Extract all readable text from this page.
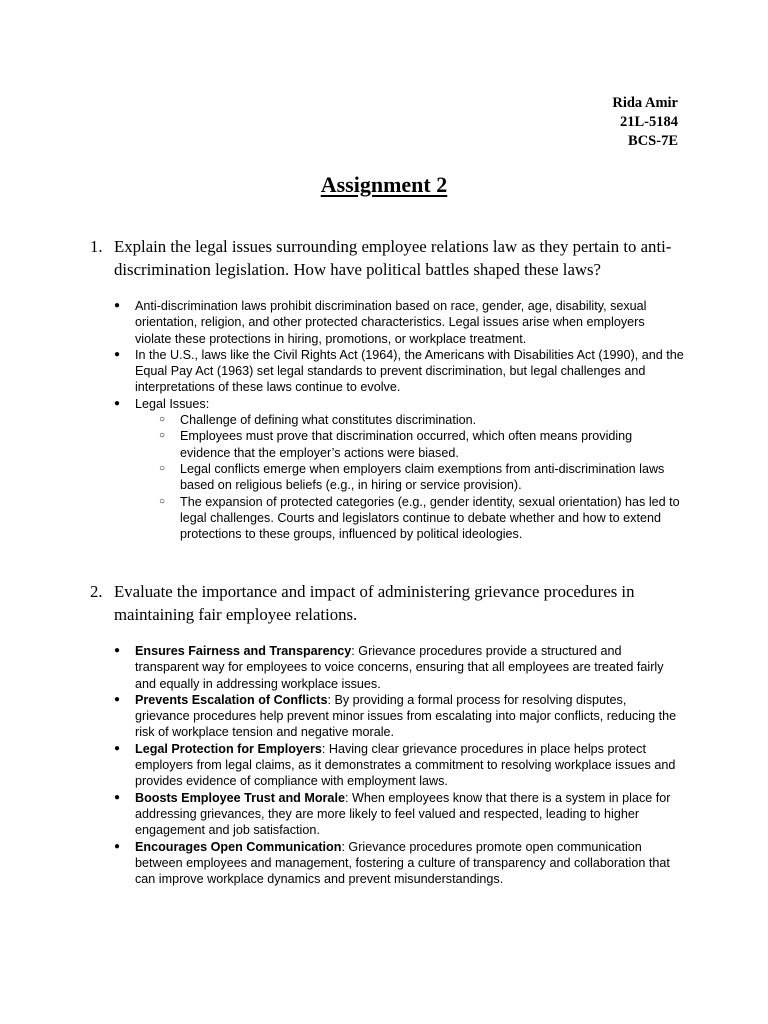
Rida Amir
21L-5184
BCS-7E
Assignment 2
1. Explain the legal issues surrounding employee relations law as they pertain to anti-discrimination legislation. How have political battles shaped these laws?
● Anti-discrimination laws prohibit discrimination based on race, gender, age, disability, sexual orientation, religion, and other protected characteristics. Legal issues arise when employers violate these protections in hiring, promotions, or workplace treatment.
● In the U.S., laws like the Civil Rights Act (1964), the Americans with Disabilities Act (1990), and the Equal Pay Act (1963) set legal standards to prevent discrimination, but legal challenges and interpretations of these laws continue to evolve.
● Legal Issues:
○ Challenge of defining what constitutes discrimination.
○ Employees must prove that discrimination occurred, which often means providing evidence that the employer’s actions were biased.
○ Legal conflicts emerge when employers claim exemptions from anti-discrimination laws based on religious beliefs (e.g., in hiring or service provision).
○ The expansion of protected categories (e.g., gender identity, sexual orientation) has led to legal challenges. Courts and legislators continue to debate whether and how to extend protections to these groups, influenced by political ideologies.
2. Evaluate the importance and impact of administering grievance procedures in maintaining fair employee relations.
● Ensures Fairness and Transparency: Grievance procedures provide a structured and transparent way for employees to voice concerns, ensuring that all employees are treated fairly and equally in addressing workplace issues.
● Prevents Escalation of Conflicts: By providing a formal process for resolving disputes, grievance procedures help prevent minor issues from escalating into major conflicts, reducing the risk of workplace tension and negative morale.
● Legal Protection for Employers: Having clear grievance procedures in place helps protect employers from legal claims, as it demonstrates a commitment to resolving workplace issues and provides evidence of compliance with employment laws.
● Boosts Employee Trust and Morale: When employees know that there is a system in place for addressing grievances, they are more likely to feel valued and respected, leading to higher engagement and job satisfaction.
● Encourages Open Communication: Grievance procedures promote open communication between employees and management, fostering a culture of transparency and collaboration that can improve workplace dynamics and prevent misunderstandings.
